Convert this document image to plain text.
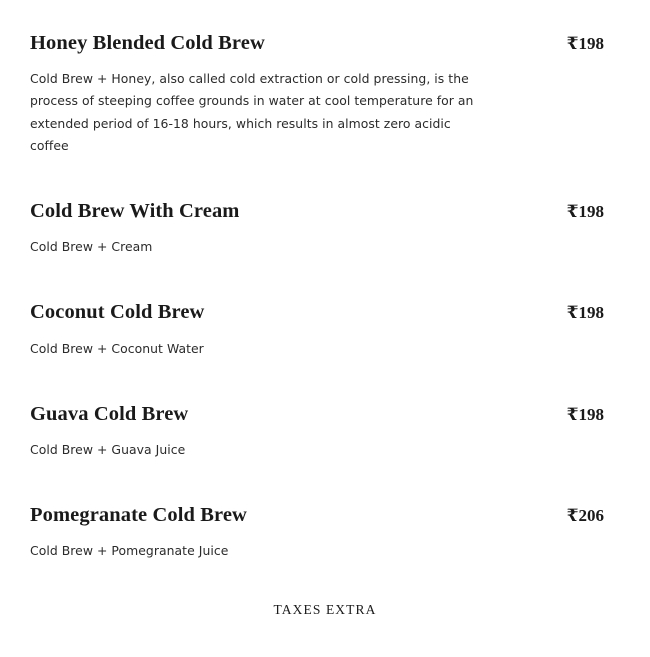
Honey Blended Cold Brew	₹198
Cold Brew + Honey, also called cold extraction or cold pressing, is the process of steeping coffee grounds in water at cool temperature for an extended period of 16-18 hours, which results in almost zero acidic coffee
Cold Brew With Cream	₹198
Cold Brew + Cream
Coconut Cold Brew	₹198
Cold Brew + Coconut Water
Guava Cold Brew	₹198
Cold Brew + Guava Juice
Pomegranate Cold Brew	₹206
Cold Brew + Pomegranate Juice
TAXES EXTRA
